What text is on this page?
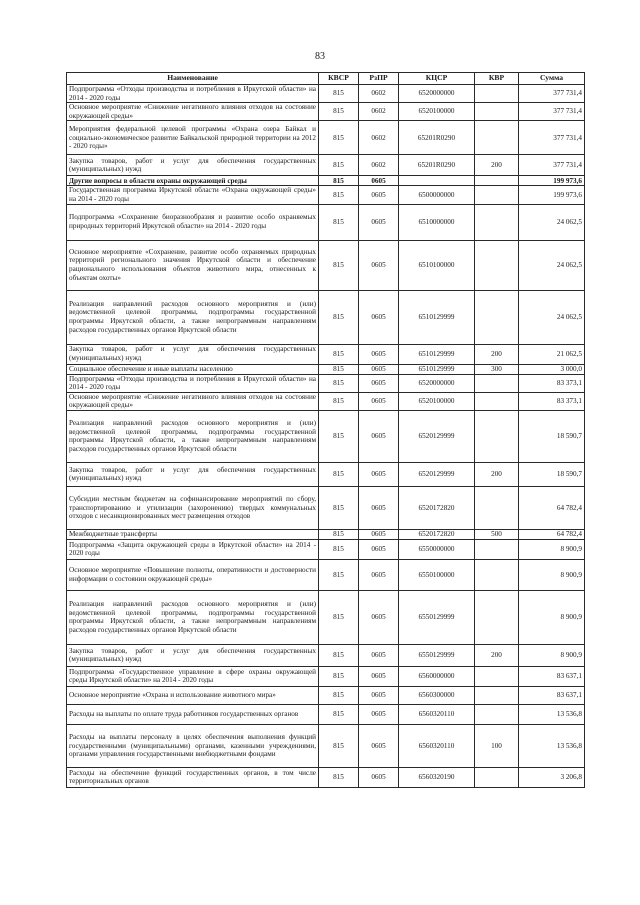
83
Наименование	КВСР	РзПР	КЦСР	КВР	Сумма
Подпрограмма «Отходы производства и потребления в Иркутской области» на 2014 - 2020 годы	815	0602	6520000000		377 731,4
Основное мероприятие «Снижение негативного влияния отходов на состояние окружающей среды»	815	0602	6520100000		377 731,4
Мероприятия федеральной целевой программы «Охрана озера Байкал и социально-экономическое развитие Байкальской природной территории на 2012 - 2020 годы»	815	0602	65201R0290		377 731,4
Закупка товаров, работ и услуг для обеспечения государственных (муниципальных) нужд	815	0602	65201R0290	200	377 731,4
Другие вопросы в области охраны окружающей среды	815	0605			199 973,6
Государственная программа Иркутской области «Охрана окружающей среды» на 2014 - 2020 годы	815	0605	6500000000		199 973,6
Подпрограмма «Сохранение биоразнообразия и развитие особо охраняемых природных территорий Иркутской области» на 2014 - 2020 годы	815	0605	6510000000		24 062,5
Основное мероприятие «Сохранение, развитие особо охраняемых природных территорий регионального значения Иркутской области и обеспечение рационального использования объектов животного мира, отнесенных к объектам охоты»	815	0605	6510100000		24 062,5
Реализация направлений расходов основного мероприятия и (или) ведомственной целевой программы, подпрограммы государственной программы Иркутской области, а также непрограммным направлениям расходов государственных органов Иркутской области	815	0605	6510129999		24 062,5
Закупка товаров, работ и услуг для обеспечения государственных (муниципальных) нужд	815	0605	6510129999	200	21 062,5
Социальное обеспечение и иные выплаты населению	815	0605	6510129999	300	3 000,0
Подпрограмма «Отходы производства и потребления в Иркутской области» на 2014 - 2020 годы	815	0605	6520000000		83 373,1
Основное мероприятие «Снижение негативного влияния отходов на состояние окружающей среды»	815	0605	6520100000		83 373,1
Реализация направлений расходов основного мероприятия и (или) ведомственной целевой программы, подпрограммы государственной программы Иркутской области, а также непрограммным направлениям расходов государственных органов Иркутской области	815	0605	6520129999		18 590,7
Закупка товаров, работ и услуг для обеспечения государственных (муниципальных) нужд	815	0605	6520129999	200	18 590,7
Субсидии местным бюджетам на софинансирование мероприятий по сбору, транспортированию и утилизации (захоронению) твердых коммунальных отходов с несанкционированных мест размещения отходов	815	0605	6520172820		64 782,4
Межбюджетные трансферты	815	0605	6520172820	500	64 782,4
Подпрограмма «Защита окружающей среды в Иркутской области» на 2014 - 2020 годы	815	0605	6550000000		8 900,9
Основное мероприятие «Повышение полноты, оперативности и достоверности информации о состоянии окружающей среды»	815	0605	6550100000		8 900,9
Реализация направлений расходов основного мероприятия и (или) ведомственной целевой программы, подпрограммы государственной программы Иркутской области, а также непрограммным направлениям расходов государственных органов Иркутской области	815	0605	6550129999		8 900,9
Закупка товаров, работ и услуг для обеспечения государственных (муниципальных) нужд	815	0605	6550129999	200	8 900,9
Подпрограмма «Государственное управление в сфере охраны окружающей среды Иркутской области» на 2014 - 2020 годы	815	0605	6560000000		83 637,1
Основное мероприятие «Охрана и использование животного мира»	815	0605	6560300000		83 637,1
Расходы на выплаты по оплате труда работников государственных органов	815	0605	6560320110		13 536,8
Расходы на выплаты персоналу в целях обеспечения выполнения функций государственными (муниципальными) органами, казенными учреждениями, органами управления государственными внебюджетными фондами	815	0605	6560320110	100	13 536,8
Расходы на обеспечение функций государственных органов, в том числе территориальных органов	815	0605	6560320190		3 206,8
